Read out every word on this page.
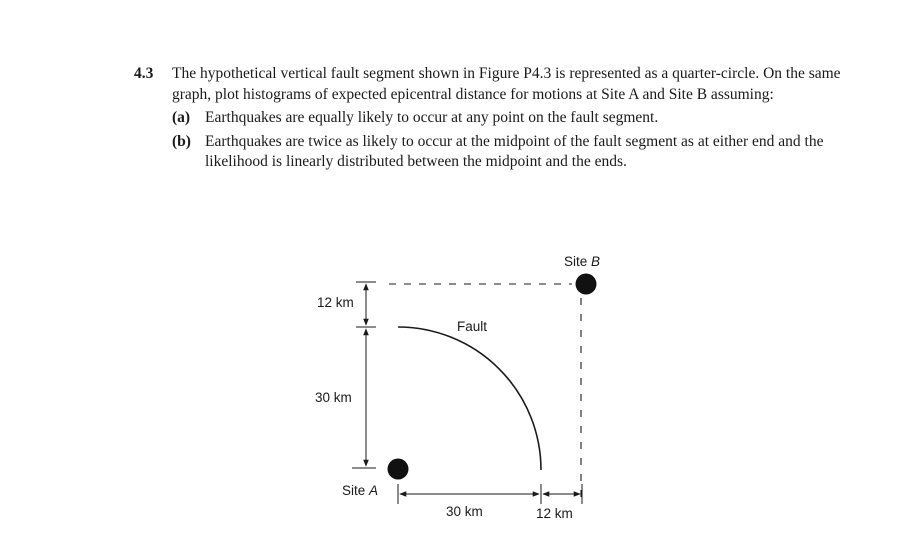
4.3 The hypothetical vertical fault segment shown in Figure P4.3 is represented as a quarter-circle. On the same graph, plot histograms of expected epicentral distance for motions at Site A and Site B assuming:
(a) Earthquakes are equally likely to occur at any point on the fault segment.
(b) Earthquakes are twice as likely to occur at the midpoint of the fault segment as at either end and the likelihood is linearly distributed between the midpoint and the ends.
Site B
Site A
Fault
12 km
30 km
30 km	12 km
